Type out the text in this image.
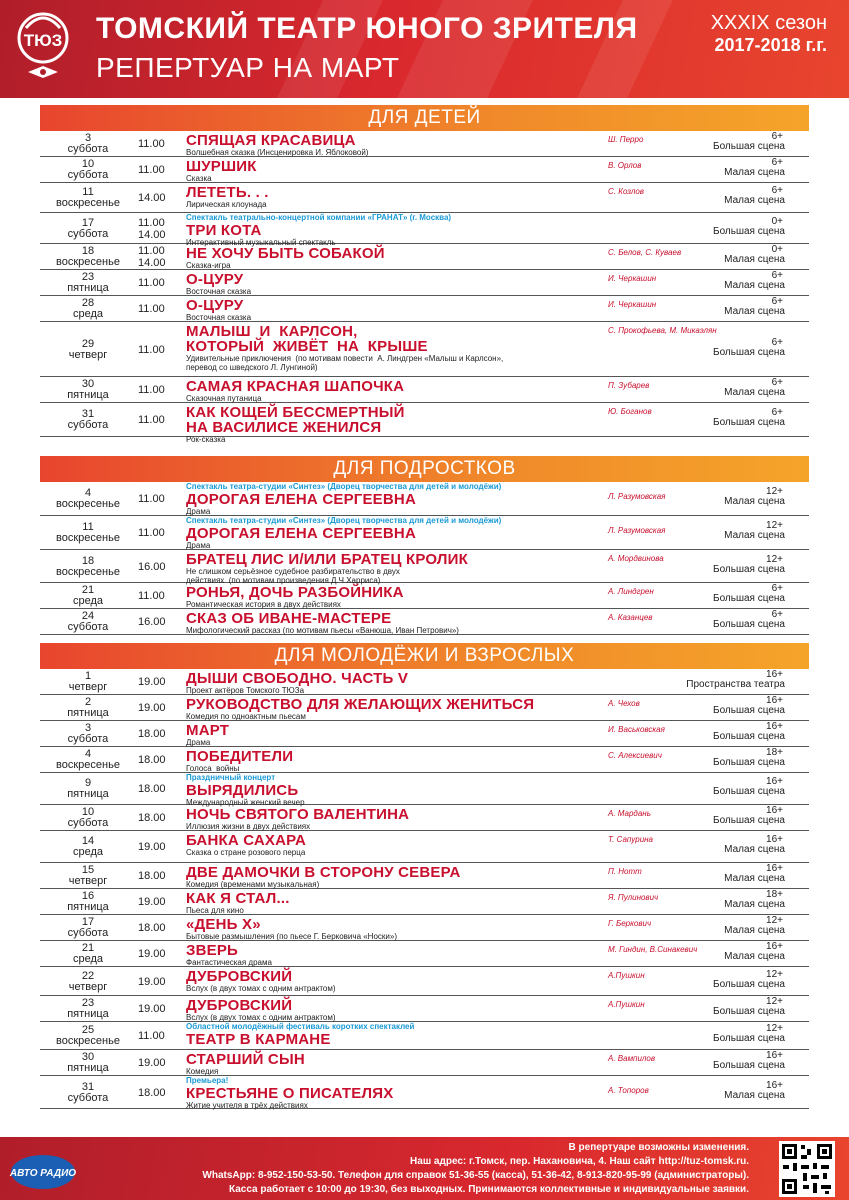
ТЮЗ ТОМСКИЙ ТЕАТР ЮНОГО ЗРИТЕЛЯ
РЕПЕРТУАР НА МАРТ
XXXIX сезон
2017-2018 г.г.
ДЛЯ ДЕТЕЙ
3
суббота	11.00	СПЯЩАЯ КРАСАВИЦА
Волшебная сказка (Инсценировка И. Яблоковой)
Ш. Перро	6+
Большая сцена
10
суббота	11.00	ШУРШИК
Сказка
В. Орлов	6+
Малая сцена
11
воскресенье	14.00	ЛЕТЕТЬ. . .
Лирическая клоунада
С. Козлов	6+
Малая сцена
17
суббота
11.00
14.00
Спектакль театрально-концертной компании «ГРАНАТ» (г. Москва)
ТРИ КОТА
Интерактивный музыкальный спектакль
0+
Большая сцена
18
воскресенье
11.00
14.00
НЕ ХОЧУ БЫТЬ СОБАКОЙ
Сказка-игра
С. Белов, С. Куваев	0+
Малая сцена
23
пятница	11.00	О-ЦУРУ
Восточная сказка
И. Черкашин	6+
Малая сцена
28
среда	11.00	О-ЦУРУ
Восточная сказка
И. Черкашин	6+
Малая сцена
29
четверг	11.00
МАЛЫШ  И  КАРЛСОН,
КОТОРЫЙ  ЖИВЁТ  НА  КРЫШЕ
Удивительные приключения  (по мотивам повести  А. Линдгрен «Малыш и Карлсон»,
перевод со шведского Л. Лунгиной)
С. Прокофьева, М. Микаэлян
6+
Большая сцена
30
пятница	11.00	САМАЯ КРАСНАЯ ШАПОЧКА
Сказочная путаница
П. Зубарев	6+
Малая сцена
31
суббота	11.00	КАК КОЩЕЙ БЕССМЕРТНЫЙ
НА ВАСИЛИСЕ ЖЕНИЛСЯ
Рок-сказка
Ю. Боганов	6+
Большая сцена
ДЛЯ ПОДРОСТКОВ
4
воскресенье	11.00
Спектакль театра-студии «Синтез» (Дворец творчества для детей и молодёжи)
ДОРОГАЯ ЕЛЕНА СЕРГЕЕВНА
Драма
Л. Разумовская	12+
Малая сцена
11
воскресенье	11.00
Спектакль театра-студии «Синтез» (Дворец творчества для детей и молодёжи)
ДОРОГАЯ ЕЛЕНА СЕРГЕЕВНА
Драма
Л. Разумовская	12+
Малая сцена
18
воскресенье	16.00	БРАТЕЦ ЛИС И/ИЛИ БРАТЕЦ КРОЛИК
Не слишком серьёзное судебное разбирательство в двух
действиях  (по мотивам произведения Д.Ч.Харриса)
А. Мордвинова	12+
Большая сцена
21
среда	11.00	РОНЬЯ, ДОЧЬ РАЗБОЙНИКА
Романтическая история в двух действиях
А. Линдгрен	6+
Большая сцена
24
суббота	16.00	СКАЗ ОБ ИВАНЕ-МАСТЕРЕ
Мифологический рассказ (по мотивам пьесы «Ванюша, Иван Петрович»)
А. Казанцев	6+
Большая сцена
ДЛЯ МОЛОДЁЖИ И ВЗРОСЛЫХ
1
четверг	19.00	ДЫШИ СВОБОДНО. ЧАСТЬ V
Проект актёров Томского ТЮЗа
16+
Пространства театра
2
пятница	19.00	РУКОВОДСТВО ДЛЯ ЖЕЛАЮЩИХ ЖЕНИТЬСЯ
Комедия по одноактным пьесам
А. Чехов	16+
Большая сцена
3
суббота	18.00	МАРТ
Драма
И. Васьковская	16+
Большая сцена
4
воскресенье	18.00	ПОБЕДИТЕЛИ
Голоса  войны
С. Алексиевич	18+
Большая сцена
9
пятница	18.00
Праздничный концерт
ВЫРЯДИЛИСЬ
Международный женский вечер
16+
Большая сцена
10
суббота	18.00	НОЧЬ СВЯТОГО ВАЛЕНТИНА
Иллюзия жизни в двух действиях
А. Мардань	16+
Большая сцена
14
среда	19.00	БАНКА САХАРА
Сказка о стране розового перца
Т. Сапурина	16+
Малая сцена
15
четверг	18.00	ДВЕ ДАМОЧКИ В СТОРОНУ СЕВЕРА
Комедия (временами музыкальная)
П. Нотт	16+
Малая сцена
16
пятница	19.00	КАК Я СТАЛ...
Пьеса для кино
Я. Пулинович	18+
Малая сцена
17
суббота	18.00	«ДЕНЬ Х»
Бытовые размышления (по пьесе Г. Берковича «Носки»)
Г. Беркович	12+
Малая сцена
21
среда	19.00	ЗВЕРЬ
Фантастическая драма
М. Гиндин, В.Синакевич	16+
Малая сцена
22
четверг	19.00	ДУБРОВСКИЙ
Вслух (в двух томах с одним антрактом)
А.Пушкин	12+
Большая сцена
23
пятница	19.00	ДУБРОВСКИЙ
Вслух (в двух томах с одним антрактом)
А.Пушкин	12+
Большая сцена
25
воскресенье	11.00
Областной молодёжный фестиваль коротких спектаклей
ТЕАТР В КАРМАНЕ
12+
Большая сцена
30
пятница	19.00	СТАРШИЙ СЫН
Комедия
А. Вампилов	16+
Большая сцена
31
суббота	18.00
Премьера!
КРЕСТЬЯНЕ О ПИСАТЕЛЯХ
Житие учителя в трёх действиях
А. Топоров	16+
Малая сцена
В репертуаре возможны изменения.
Наш адрес: г.Томск, пер. Нахановича, 4. Наш сайт http://tuz-tomsk.ru.
WhatsApp: 8-952-150-53-50. Телефон для справок 51-36-55 (касса), 51-36-42, 8-913-820-95-99 (администраторы).
Касса работает с 10:00 до 19:30, без выходных. Принимаются коллективные и индивидуальные заявки.
АВТО РАДИО
